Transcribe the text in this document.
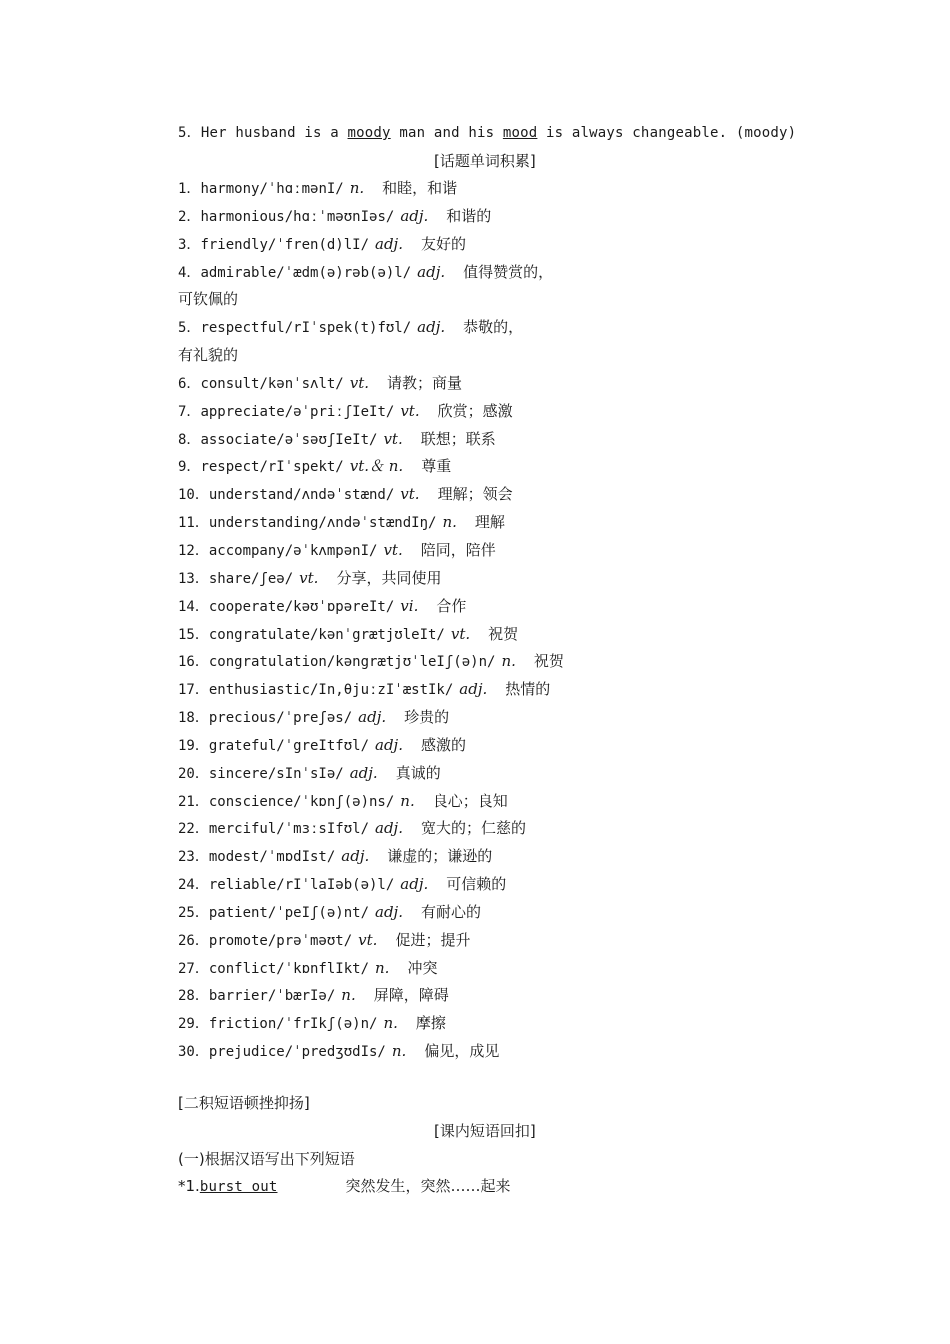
5．Her husband is a moody man and his mood is always changeable. (moody)
[话题单词积累]
1．harmony/ˈhɑːmənI/ n. 和睦，和谐
2．harmonious/hɑːˈməʊnIəs/ adj. 和谐的
3．friendly/ˈfren(d)lI/ adj. 友好的
4．admirable/ˈædm(ə)rəb(ə)l/ adj. 值得赞赏的，
可钦佩的
5．respectful/rIˈspek(t)fʊl/ adj. 恭敬的，
有礼貌的
6．consult/kənˈsʌlt/ vt. 请教；商量
7．appreciate/əˈpriːʃIeIt/ vt. 欣赏；感激
8．associate/əˈsəʊʃIeIt/ vt. 联想；联系
9．respect/rIˈspekt/ vt.＆ n. 尊重
10．understand/ʌndəˈstænd/ vt. 理解；领会
11．understanding/ʌndəˈstændIŋ/ n. 理解
12．accompany/əˈkʌmpənI/ vt. 陪同，陪伴
13．share/ʃeə/ vt. 分享，共同使用
14．cooperate/kəʊˈɒpəreIt/ vi. 合作
15．congratulate/kənˈgrætjʊleIt/ vt. 祝贺
16．congratulation/kəngrætjʊˈleIʃ(ə)n/ n. 祝贺
17．enthusiastic/In,θjuːzIˈæstIk/ adj. 热情的
18．precious/ˈpreʃəs/ adj. 珍贵的
19．grateful/ˈgreItfʊl/ adj. 感激的
20．sincere/sInˈsIə/ adj. 真诚的
21．conscience/ˈkɒnʃ(ə)ns/ n. 良心；良知
22．merciful/ˈmɜːsIfʊl/ adj. 宽大的；仁慈的
23．modest/ˈmɒdIst/ adj. 谦虚的；谦逊的
24．reliable/rIˈlaIəb(ə)l/ adj. 可信赖的
25．patient/ˈpeIʃ(ə)nt/ adj. 有耐心的
26．promote/prəˈməʊt/ vt. 促进；提升
27．conflict/ˈkɒnflIkt/ n. 冲突
28．barrier/ˈbærIə/ n. 屏障，障碍
29．friction/ˈfrIkʃ(ə)n/ n. 摩擦
30．prejudice/ˈpredʒʊdIs/ n. 偏见，成见
[二积短语顿挫抑扬]
[课内短语回扣]
(一)根据汉语写出下列短语
*1.burst out	突然发生，突然……起来
